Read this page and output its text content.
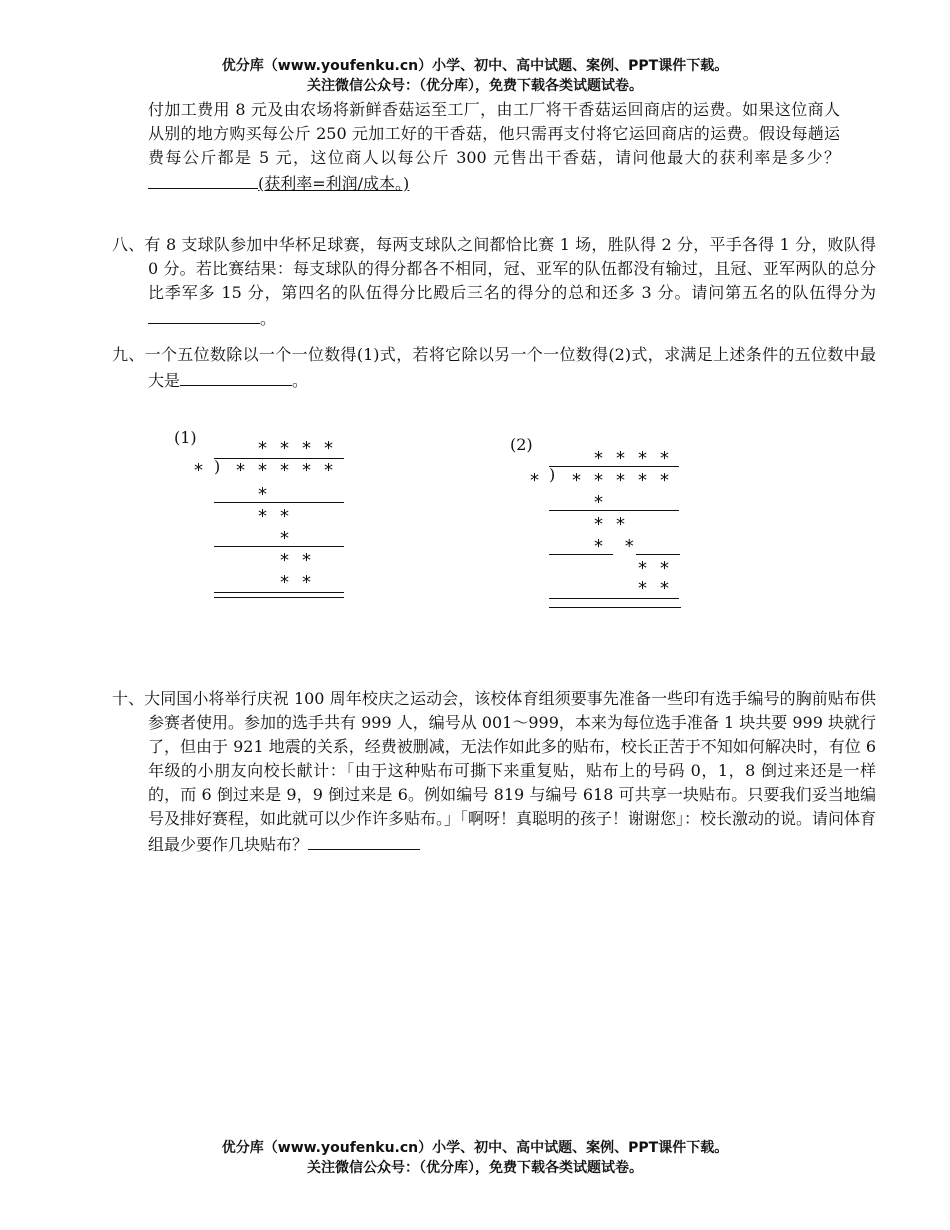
优分库（www.youfenku.cn）小学、初中、高中试题、案例、PPT课件下载。
关注微信公众号：（优分库），免费下载各类试题试卷。
付加工费用 8 元及由农场将新鲜香菇运至工厂，由工厂将干香菇运回商店的运费。如果这位商人从别的地方购买每公斤 250 元加工好的干香菇，他只需再支付将它运回商店的运费。假设每趟运费每公斤都是 5 元，这位商人以每公斤 300 元售出干香菇，请问他最大的获利率是多少？(获利率=利润/成本。)
八、有 8 支球队参加中华杯足球赛，每两支球队之间都恰比赛 1 场，胜队得 2 分，平手各得 1 分，败队得 0 分。若比赛结果：每支球队的得分都各不相同，冠、亚军的队伍都没有输过，且冠、亚军两队的总分比季军多 15 分，第四名的队伍得分比殿后三名的得分的总和还多 3 分。请问第五名的队伍得分为。
九、一个五位数除以一个一位数得(1)式，若将它除以另一个一位数得(2)式，求满足上述条件的五位数中最大是	。
(1)
* * * *
)
* * * * * *
*
* *
*
* *
* *
(2)
* * * *
)
* * * * * *
*
* *
* *
* *
* *
十、大同国小将举行庆祝 100 周年校庆之运动会，该校体育组须要事先准备一些印有选手编号的胸前贴布供参赛者使用。参加的选手共有 999 人，编号从 001～999，本来为每位选手准备 1 块共要 999 块就行了，但由于 921 地震的关系，经费被删减，无法作如此多的贴布，校长正苦于不知如何解决时，有位 6 年级的小朋友向校长献计：「由于这种贴布可撕下来重复贴，贴布上的号码 0，1，8 倒过来还是一样的，而 6 倒过来是 9，9 倒过来是 6。例如编号 819 与编号 618 可共享一块贴布。只要我们妥当地编号及排好赛程，如此就可以少作许多贴布。」「啊呀！真聪明的孩子！谢谢您」：校长激动的说。请问体育组最少要作几块贴布？
优分库（www.youfenku.cn）小学、初中、高中试题、案例、PPT课件下载。
关注微信公众号：（优分库），免费下载各类试题试卷。
